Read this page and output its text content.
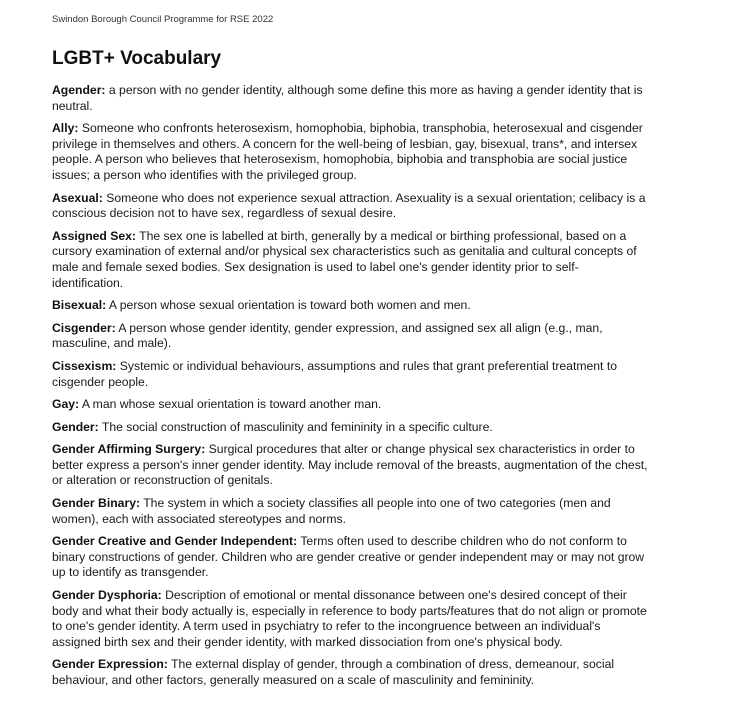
Swindon Borough Council Programme for RSE 2022
LGBT+ Vocabulary

Agender: a person with no gender identity, although some define this more as having a gender identity that is neutral.

Ally: Someone who confronts heterosexism, homophobia, biphobia, transphobia, heterosexual and cisgender privilege in themselves and others. A concern for the well-being of lesbian, gay, bisexual, trans*, and intersex people. A person who believes that heterosexism, homophobia, biphobia and transphobia are social justice issues; a person who identifies with the privileged group.

Asexual: Someone who does not experience sexual attraction. Asexuality is a sexual orientation; celibacy is a conscious decision not to have sex, regardless of sexual desire.

Assigned Sex: The sex one is labelled at birth, generally by a medical or birthing professional, based on a cursory examination of external and/or physical sex characteristics such as genitalia and cultural concepts of male and female sexed bodies. Sex designation is used to label one's gender identity prior to self-identification.

Bisexual: A person whose sexual orientation is toward both women and men.

Cisgender: A person whose gender identity, gender expression, and assigned sex all align (e.g., man, masculine, and male).

Cissexism: Systemic or individual behaviours, assumptions and rules that grant preferential treatment to cisgender people.

Gay: A man whose sexual orientation is toward another man.

Gender: The social construction of masculinity and femininity in a specific culture.

Gender Affirming Surgery: Surgical procedures that alter or change physical sex characteristics in order to better express a person's inner gender identity. May include removal of the breasts, augmentation of the chest, or alteration or reconstruction of genitals.

Gender Binary: The system in which a society classifies all people into one of two categories (men and women), each with associated stereotypes and norms.

Gender Creative and Gender Independent: Terms often used to describe children who do not conform to binary constructions of gender. Children who are gender creative or gender independent may or may not grow up to identify as transgender.

Gender Dysphoria: Description of emotional or mental dissonance between one's desired concept of their body and what their body actually is, especially in reference to body parts/features that do not align or promote to one's gender identity. A term used in psychiatry to refer to the incongruence between an individual's assigned birth sex and their gender identity, with marked dissociation from one's physical body.

Gender Expression: The external display of gender, through a combination of dress, demeanour, social behaviour, and other factors, generally measured on a scale of masculinity and femininity.
